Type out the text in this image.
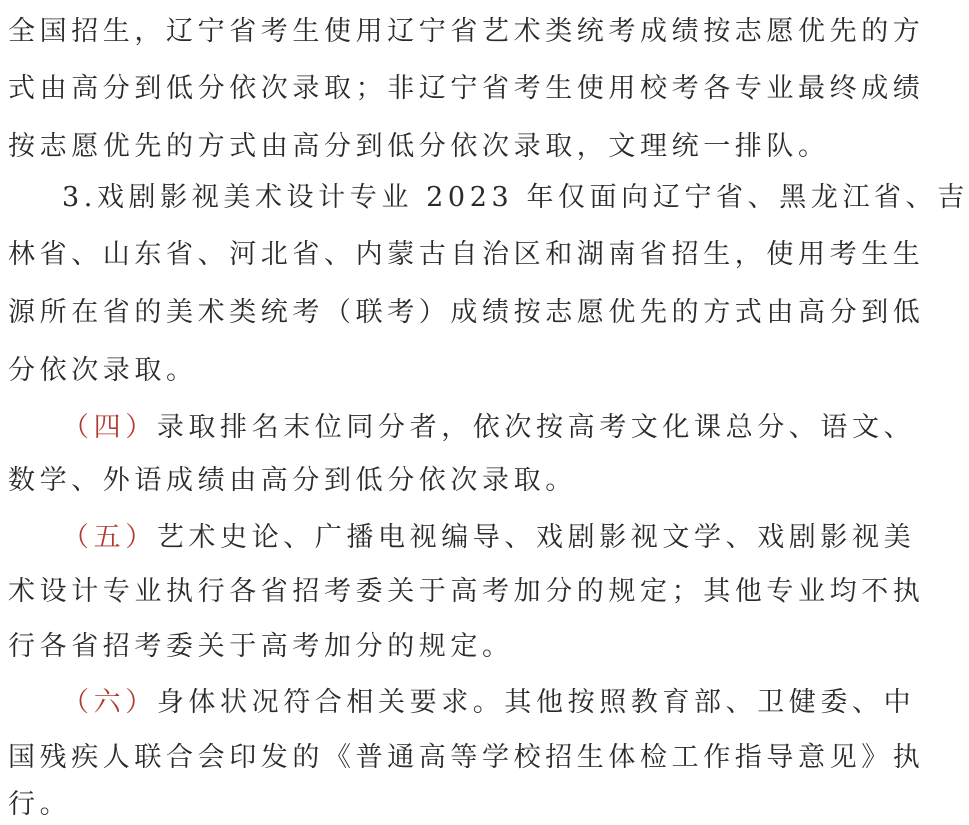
全国招生，辽宁省考生使用辽宁省艺术类统考成绩按志愿优先的方
式由高分到低分依次录取；非辽宁省考生使用校考各专业最终成绩
按志愿优先的方式由高分到低分依次录取，文理统一排队。
3.戏剧影视美术设计专业 2023 年仅面向辽宁省、黑龙江省、吉
林省、山东省、河北省、内蒙古自治区和湖南省招生，使用考生生
源所在省的美术类统考（联考）成绩按志愿优先的方式由高分到低
分依次录取。
（四）录取排名末位同分者，依次按高考文化课总分、语文、
数学、外语成绩由高分到低分依次录取。
（五）艺术史论、广播电视编导、戏剧影视文学、戏剧影视美
术设计专业执行各省招考委关于高考加分的规定；其他专业均不执
行各省招考委关于高考加分的规定。
（六）身体状况符合相关要求。其他按照教育部、卫健委、中
国残疾人联合会印发的《普通高等学校招生体检工作指导意见》执
行。
